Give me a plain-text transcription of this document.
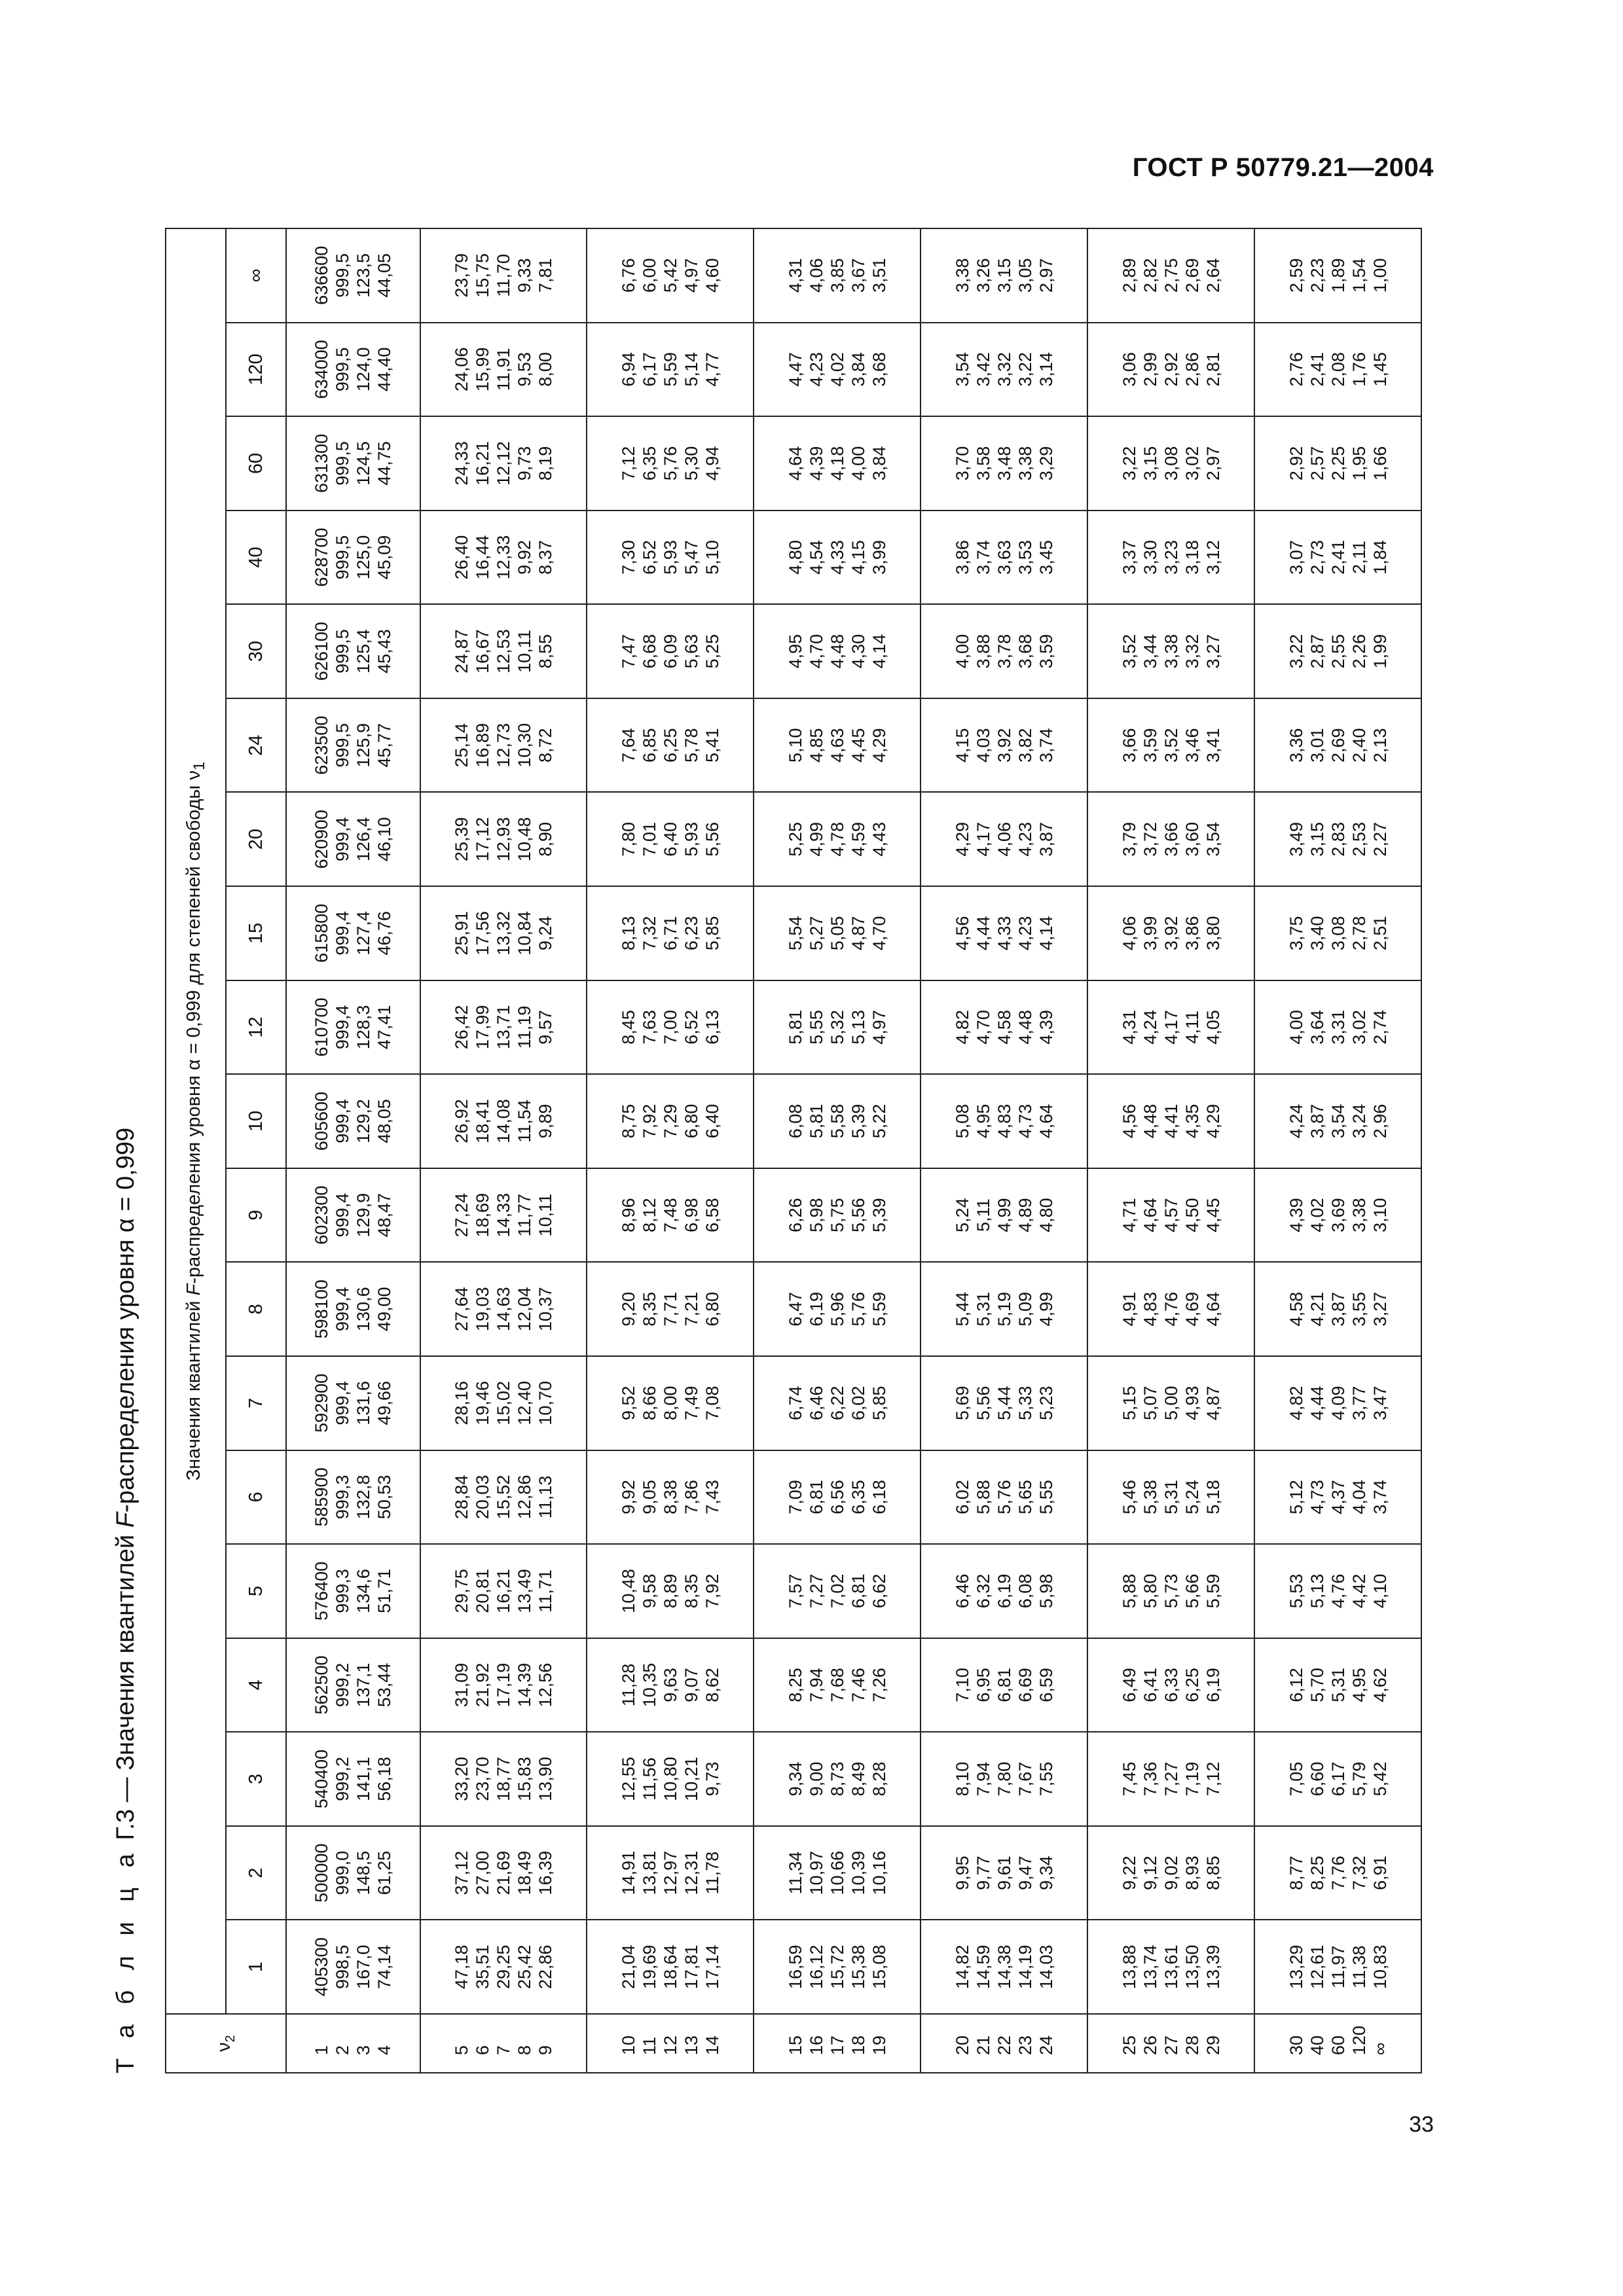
ГОСТ Р 50779.21—2004
Т а б л и ц а Г.3 — Значения квантилей F-распределения уровня α = 0,999
$\nu_2$	Значения квантилей F-распределения уровня α = 0,999 для степеней свободы $\nu_1$
	1	2	3	4	5	6	7	8	9	10	12	15	20	24	30	40	60	120	∞

1 2 3 4	405300 998,5 167,0 74,14	500000 999,0 148,5 61,25	540400 999,2 141,1 56,18	562500 999,2 137,1 53,44	576400 999,3 134,6 51,71	585900 999,3 132,8 50,53	592900 999,4 131,6 49,66	598100 999,4 130,6 49,00	602300 999,4 129,9 48,47	605600 999,4 129,2 48,05	610700 999,4 128,3 47,41	615800 999,4 127,4 46,76	620900 999,4 126,4 46,10	623500 999,5 125,9 45,77	626100 999,5 125,4 45,43	628700 999,5 125,0 45,09	631300 999,5 124,5 44,75	634000 999,5 124,0 44,40	636600 999,5 123,5 44,05

5 6 7 8 9	47,18 35,51 29,25 25,42 22,86	37,12 27,00 21,69 18,49 16,39	33,20 23,70 18,77 15,83 13,90	31,09 21,92 17,19 14,39 12,56	29,75 20,81 16,21 13,49 11,71	28,84 20,03 15,52 12,86 11,13	28,16 19,46 15,02 12,40 10,70	27,64 19,03 14,63 12,04 10,37	27,24 18,69 14,33 11,77 10,11	26,92 18,41 14,08 11,54 9,89	26,42 17,99 13,71 11,19 9,57	25,91 17,56 13,32 10,84 9,24	25,39 17,12 12,93 10,48 8,90	25,14 16,89 12,73 10,30 8,72	24,87 16,67 12,53 10,11 8,55	26,40 16,44 12,33 9,92 8,37	24,33 16,21 12,12 9,73 8,19	24,06 15,99 11,91 9,53 8,00	23,79 15,75 11,70 9,33 7,81

10 11 12 13 14	21,04 19,69 18,64 17,81 17,14	14,91 13,81 12,97 12,31 11,78	12,55 11,56 10,80 10,21 9,73	11,28 10,35 9,63 9,07 8,62	10,48 9,58 8,89 8,35 7,92	9,92 9,05 8,38 7,86 7,43	9,52 8,66 8,00 7,49 7,08	9,20 8,35 7,71 7,21 6,80	8,96 8,12 7,48 6,98 6,58	8,75 7,92 7,29 6,80 6,40	8,45 7,63 7,00 6,52 6,13	8,13 7,32 6,71 6,23 5,85	7,80 7,01 6,40 5,93 5,56	7,64 6,85 6,25 5,78 5,41	7,47 6,68 6,09 5,63 5,25	7,30 6,52 5,93 5,47 5,10	7,12 6,35 5,76 5,30 4,94	6,94 6,17 5,59 5,14 4,77	6,76 6,00 5,42 4,97 4,60

15 16 17 18 19	16,59 16,12 15,72 15,38 15,08	11,34 10,97 10,66 10,39 10,16	9,34 9,00 8,73 8,49 8,28	8,25 7,94 7,68 7,46 7,26	7,57 7,27 7,02 6,81 6,62	7,09 6,81 6,56 6,35 6,18	6,74 6,46 6,22 6,02 5,85	6,47 6,19 5,96 5,76 5,59	6,26 5,98 5,75 5,56 5,39	6,08 5,81 5,58 5,39 5,22	5,81 5,55 5,32 5,13 4,97	5,54 5,27 5,05 4,87 4,70	5,25 4,99 4,78 4,59 4,43	5,10 4,85 4,63 4,45 4,29	4,95 4,70 4,48 4,30 4,14	4,80 4,54 4,33 4,15 3,99	4,64 4,39 4,18 4,00 3,84	4,47 4,23 4,02 3,84 3,68	4,31 4,06 3,85 3,67 3,51

20 21 22 23 24	14,82 14,59 14,38 14,19 14,03	9,95 9,77 9,61 9,47 9,34	8,10 7,94 7,80 7,67 7,55	7,10 6,95 6,81 6,69 6,59	6,46 6,32 6,19 6,08 5,98	6,02 5,88 5,76 5,65 5,55	5,69 5,56 5,44 5,33 5,23	5,44 5,31 5,19 5,09 4,99	5,24 5,11 4,99 4,89 4,80	5,08 4,95 4,83 4,73 4,64	4,82 4,70 4,58 4,48 4,39	4,56 4,44 4,33 4,23 4,14	4,29 4,17 4,06 4,23 3,87	4,15 4,03 3,92 3,82 3,74	4,00 3,88 3,78 3,68 3,59	3,86 3,74 3,63 3,53 3,45	3,70 3,58 3,48 3,38 3,29	3,54 3,42 3,32 3,22 3,14	3,38 3,26 3,15 3,05 2,97

25 26 27 28 29	13,88 13,74 13,61 13,50 13,39	9,22 9,12 9,02 8,93 8,85	7,45 7,36 7,27 7,19 7,12	6,49 6,41 6,33 6,25 6,19	5,88 5,80 5,73 5,66 5,59	5,46 5,38 5,31 5,24 5,18	5,15 5,07 5,00 4,93 4,87	4,91 4,83 4,76 4,69 4,64	4,71 4,64 4,57 4,50 4,45	4,56 4,48 4,41 4,35 4,29	4,31 4,24 4,17 4,11 4,05	4,06 3,99 3,92 3,86 3,80	3,79 3,72 3,66 3,60 3,54	3,66 3,59 3,52 3,46 3,41	3,52 3,44 3,38 3,32 3,27	3,37 3,30 3,23 3,18 3,12	3,22 3,15 3,08 3,02 2,97	3,06 2,99 2,92 2,86 2,81	2,89 2,82 2,75 2,69 2,64

30 40 60 120 ∞	13,29 12,61 11,97 11,38 10,83	8,77 8,25 7,76 7,32 6,91	7,05 6,60 6,17 5,79 5,42	6,12 5,70 5,31 4,95 4,62	5,53 5,13 4,76 4,42 4,10	5,12 4,73 4,37 4,04 3,74	4,82 4,44 4,09 3,77 3,47	4,58 4,21 3,87 3,55 3,27	4,39 4,02 3,69 3,38 3,10	4,24 3,87 3,54 3,24 2,96	4,00 3,64 3,31 3,02 2,74	3,75 3,40 3,08 2,78 2,51	3,49 3,15 2,83 2,53 2,27	3,36 3,01 2,69 2,40 2,13	3,22 2,87 2,55 2,26 1,99	3,07 2,73 2,41 2,11 1,84	2,92 2,57 2,25 1,95 1,66	2,76 2,41 2,08 1,76 1,45	2,59 2,23 1,89 1,54 1,00
33
